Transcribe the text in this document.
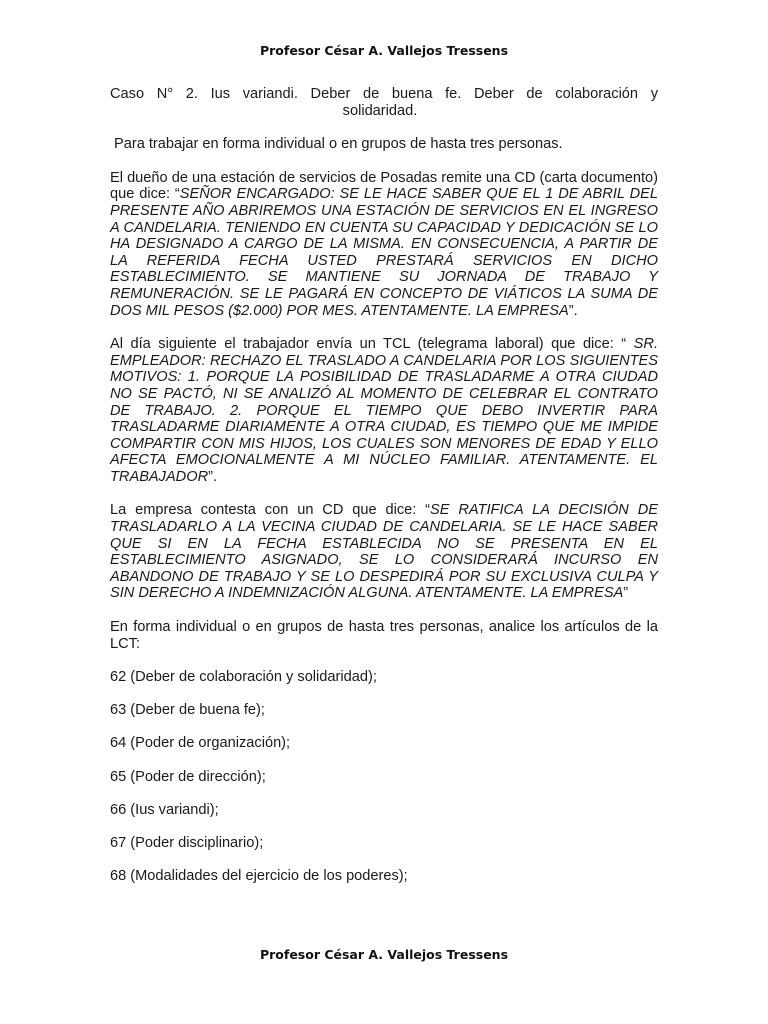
Profesor César A. Vallejos Tressens
Caso N° 2. Ius variandi. Deber de buena fe. Deber de colaboración y
solidaridad.

Para trabajar en forma individual o en grupos de hasta tres personas.

El dueño de una estación de servicios de Posadas remite una CD (carta documento) que dice: “SEÑOR ENCARGADO: SE LE HACE SABER QUE EL 1 DE ABRIL DEL PRESENTE AÑO ABRIREMOS UNA ESTACIÓN DE SERVICIOS EN EL INGRESO A CANDELARIA. TENIENDO EN CUENTA SU CAPACIDAD Y DEDICACIÓN SE LO HA DESIGNADO A CARGO DE LA MISMA. EN CONSECUENCIA, A PARTIR DE LA REFERIDA FECHA USTED PRESTARÁ SERVICIOS EN DICHO ESTABLECIMIENTO. SE MANTIENE SU JORNADA DE TRABAJO Y REMUNERACIÓN. SE LE PAGARÁ EN CONCEPTO DE VIÁTICOS LA SUMA DE DOS MIL PESOS ($2.000) POR MES. ATENTAMENTE. LA EMPRESA”.

Al día siguiente el trabajador envía un TCL (telegrama laboral) que dice: “ SR. EMPLEADOR: RECHAZO EL TRASLADO A CANDELARIA POR LOS SIGUIENTES MOTIVOS: 1. PORQUE LA POSIBILIDAD DE TRASLADARME A OTRA CIUDAD NO SE PACTÓ, NI SE ANALIZÓ AL MOMENTO DE CELEBRAR EL CONTRATO DE TRABAJO. 2. PORQUE EL TIEMPO QUE DEBO INVERTIR PARA TRASLADARME DIARIAMENTE A OTRA CIUDAD, ES TIEMPO QUE ME IMPIDE COMPARTIR CON MIS HIJOS, LOS CUALES SON MENORES DE EDAD Y ELLO AFECTA EMOCIONALMENTE A MI NÚCLEO FAMILIAR. ATENTAMENTE. EL TRABAJADOR”.

La empresa contesta con un CD que dice: “SE RATIFICA LA DECISIÓN DE TRASLADARLO A LA VECINA CIUDAD DE CANDELARIA. SE LE HACE SABER QUE SI EN LA FECHA ESTABLECIDA NO SE PRESENTA EN EL ESTABLECIMIENTO ASIGNADO, SE LO CONSIDERARÁ INCURSO EN ABANDONO DE TRABAJO Y SE LO DESPEDIRÁ POR SU EXCLUSIVA CULPA Y SIN DERECHO A INDEMNIZACIÓN ALGUNA. ATENTAMENTE. LA EMPRESA”

En forma individual o en grupos de hasta tres personas, analice los artículos de la LCT:

62 (Deber de colaboración y solidaridad);

63 (Deber de buena fe);

64 (Poder de organización);

65 (Poder de dirección);

66 (Ius variandi);

67 (Poder disciplinario);

68 (Modalidades del ejercicio de los poderes);

Profesor César A. Vallejos Tressens
